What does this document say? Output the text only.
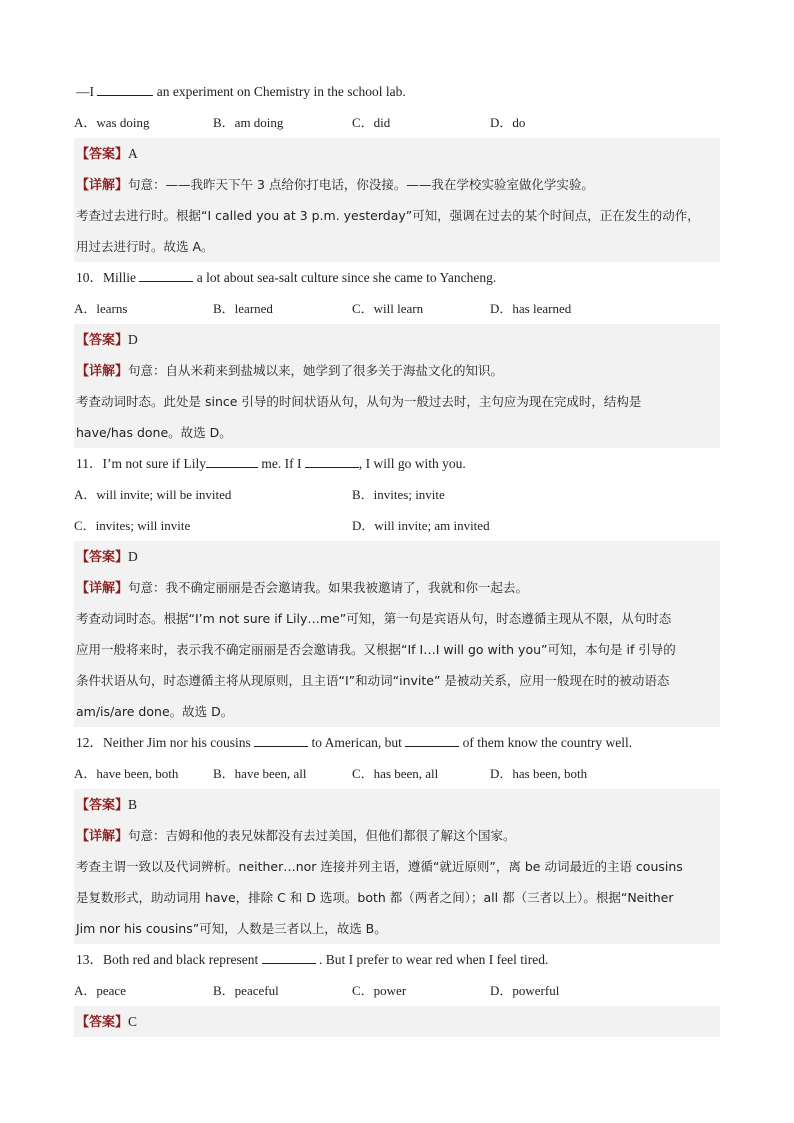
—I	an experiment on Chemistry in the school lab.
A．was doing	B．am doing	C．did	D．do
【答案】A
【详解】句意：——我昨天下午 3 点给你打电话，你没接。——我在学校实验室做化学实验。
考查过去进行时。根据“I called you at 3 p.m. yesterday”可知，强调在过去的某个时间点，正在发生的动作，
用过去进行时。故选 A。
10．Millie	a lot about sea-salt culture since she came to Yancheng.
A．learns	B．learned	C．will learn	D．has learned
【答案】D
【详解】句意：自从米莉来到盐城以来，她学到了很多关于海盐文化的知识。
考查动词时态。此处是 since 引导的时间状语从句，从句为一般过去时，主句应为现在完成时，结构是
have/has done。故选 D。
11．I’m not sure if Lily	me. If I	, I will go with you.
A．will invite; will be invited	B．invites; invite
C．invites; will invite	D．will invite; am invited
【答案】D
【详解】句意：我不确定丽丽是否会邀请我。如果我被邀请了，我就和你一起去。
考查动词时态。根据“I’m not sure if Lily…me”可知，第一句是宾语从句，时态遵循主现从不限，从句时态
应用一般将来时，表示我不确定丽丽是否会邀请我。又根据“If I…I will go with you”可知，本句是 if 引导的
条件状语从句，时态遵循主将从现原则，且主语“I”和动词“invite” 是被动关系，应用一般现在时的被动语态
am/is/are done。故选 D。
12．Neither Jim nor his cousins	to American, but	of them know the country well.
A．have been, both	B．have been, all	C．has been, all	D．has been, both
【答案】B
【详解】句意：吉姆和他的表兄妹都没有去过美国，但他们都很了解这个国家。
考查主谓一致以及代词辨析。neither…nor 连接并列主语，遵循“就近原则”，离 be 动词最近的主语 cousins
是复数形式，助动词用 have，排除 C 和 D 选项。both 都（两者之间）；all 都（三者以上）。根据“Neither
Jim nor his cousins”可知，人数是三者以上，故选 B。
13．Both red and black represent	. But I prefer to wear red when I feel tired.
A．peace	B．peaceful	C．power	D．powerful
【答案】C
